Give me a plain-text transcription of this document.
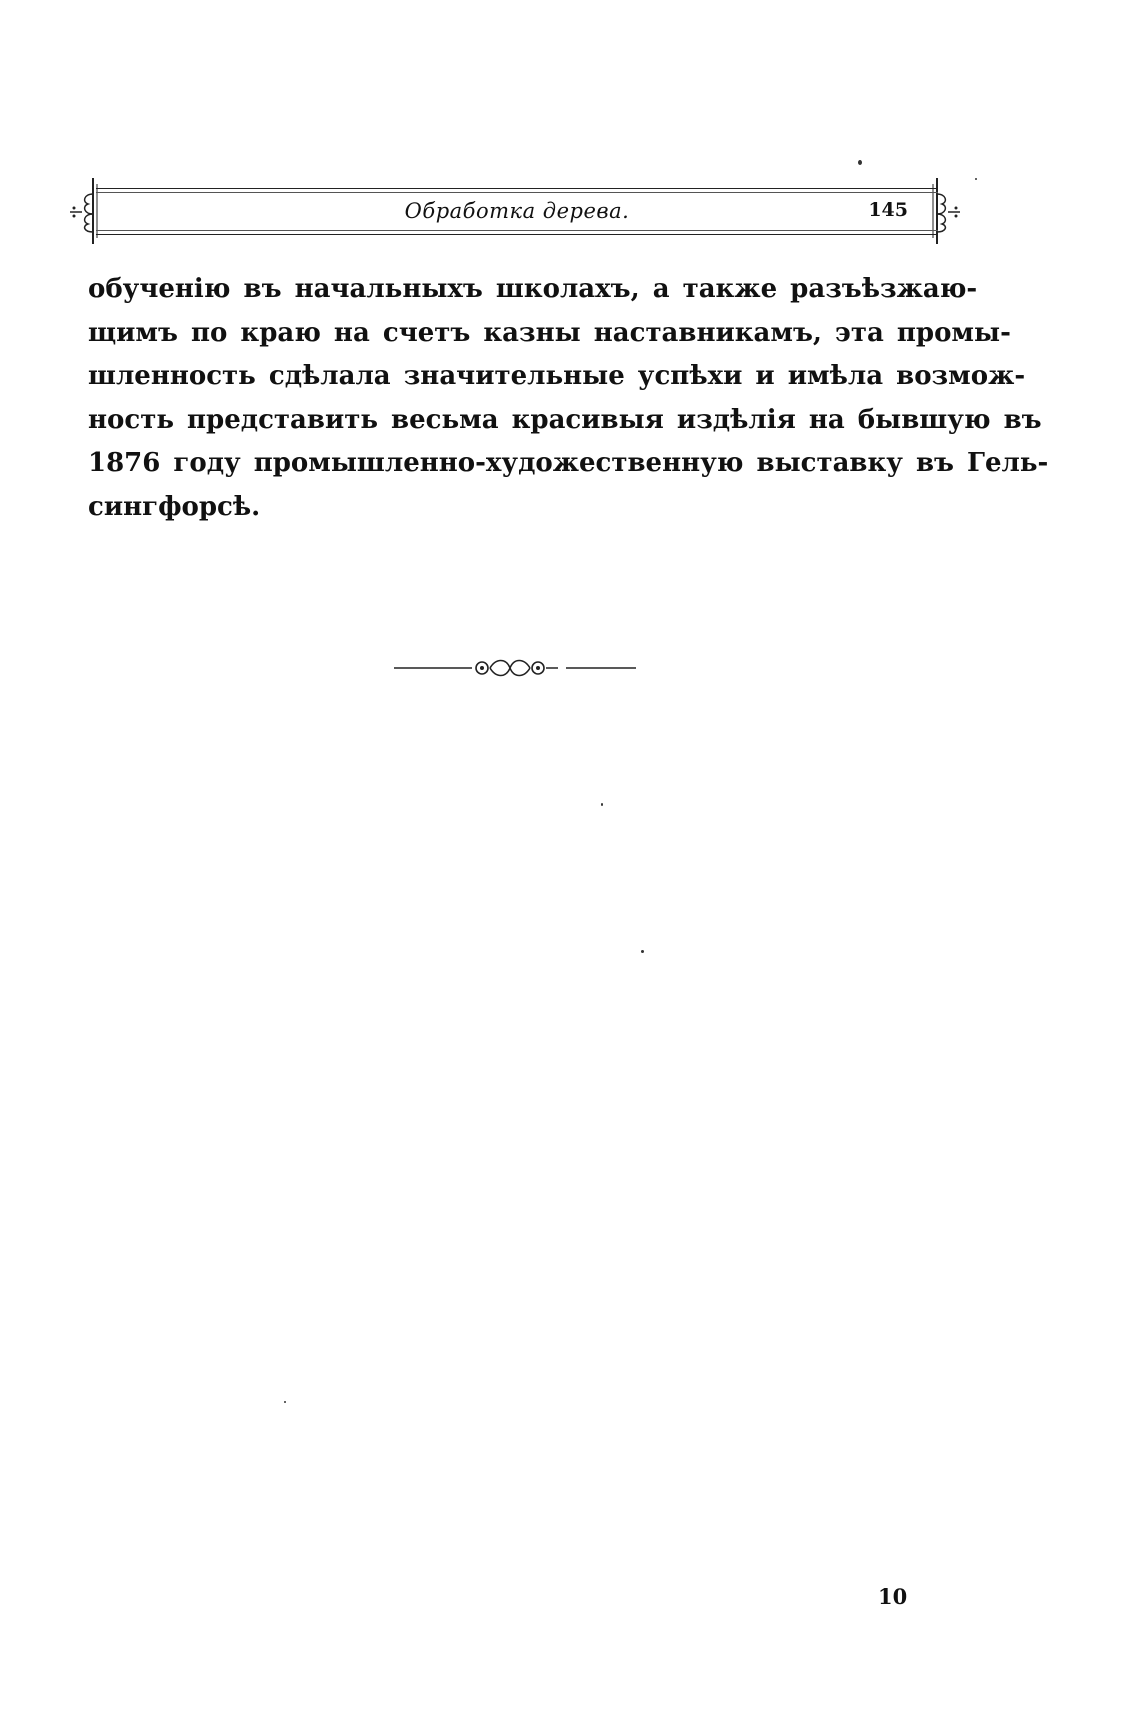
Обработка дерева.	145

обученію въ начальныхъ школахъ, а также разъѣзжаю-
щимъ по краю на счетъ казны наставникамъ, эта промы-
шленность сдѣлала значительные успѣхи и имѣла возмож-
ность представить весьма красивыя издѣлія на бывшую въ
1876 году промышленно-художественную выставку въ Гель-
сингфорсѣ.

10
